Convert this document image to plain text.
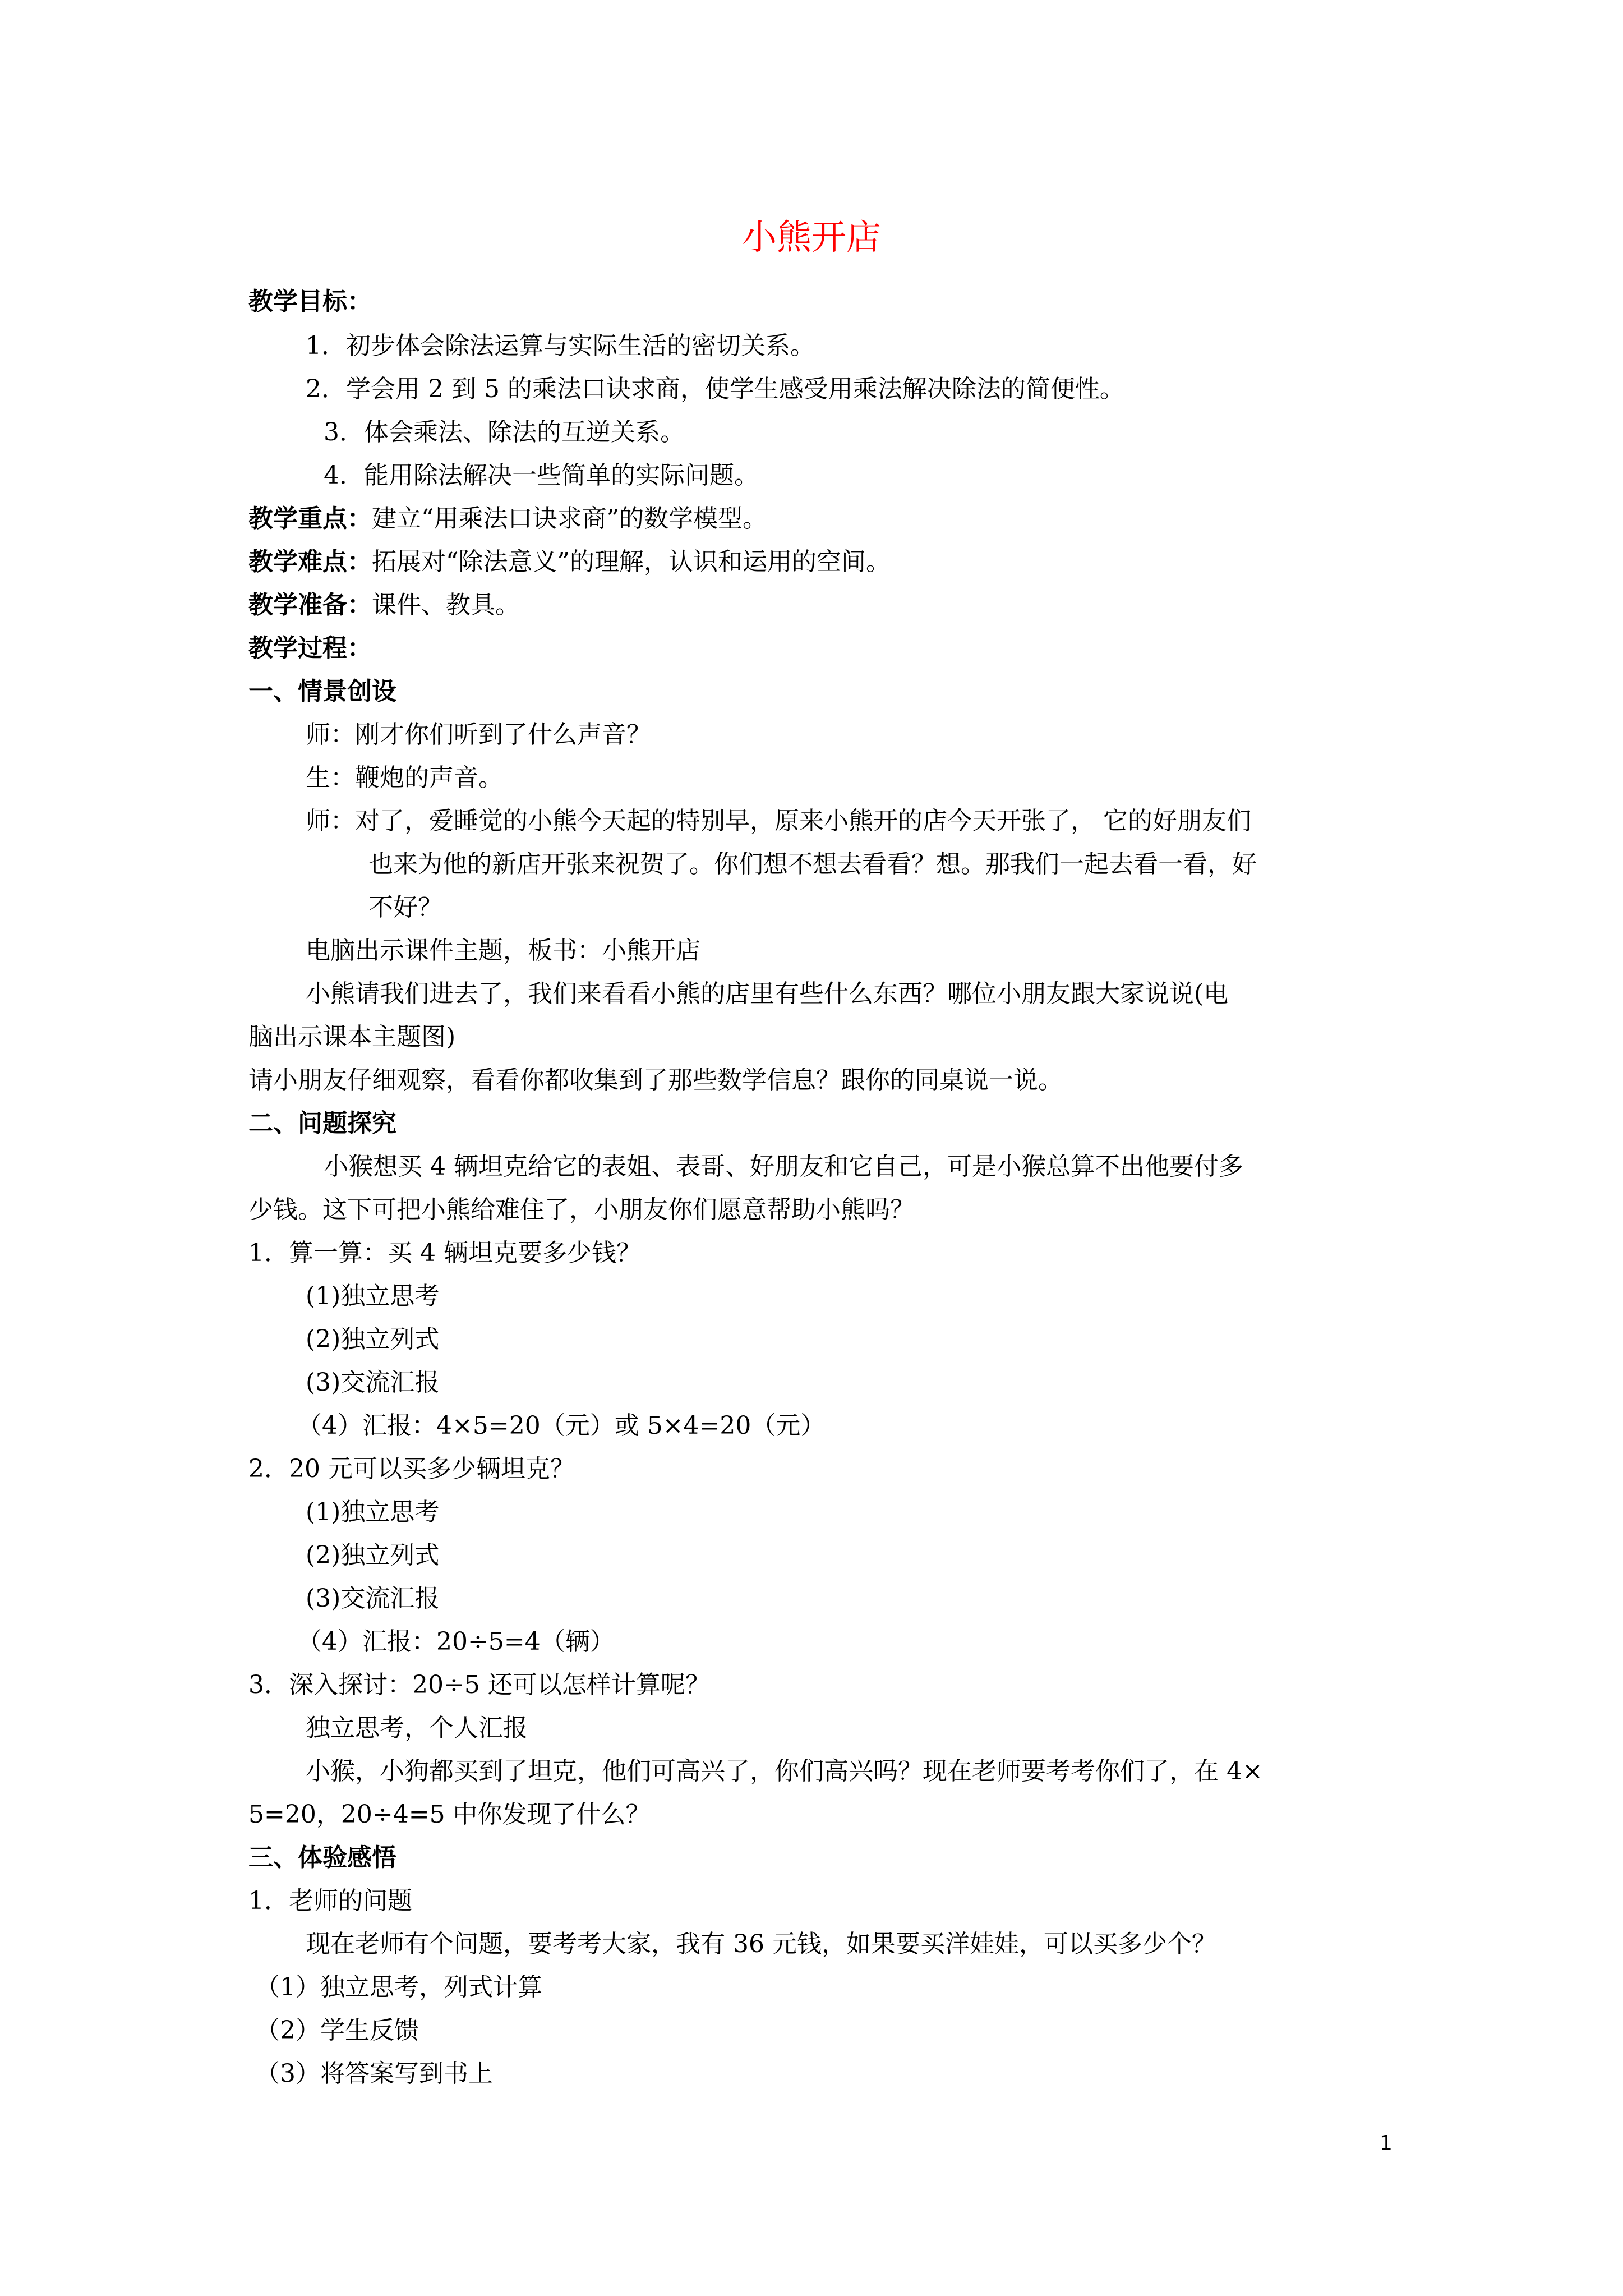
小熊开店
教学目标：
1．初步体会除法运算与实际生活的密切关系。
2．学会用 2 到 5 的乘法口诀求商，使学生感受用乘法解决除法的简便性。
3．体会乘法、除法的互逆关系。
4．能用除法解决一些简单的实际问题。
教学重点：建立“用乘法口诀求商”的数学模型。
教学难点：拓展对“除法意义”的理解，认识和运用的空间。
教学准备：课件、教具。
教学过程：
一、情景创设
师：刚才你们听到了什么声音？
生：鞭炮的声音。
师：对了，爱睡觉的小熊今天起的特别早，原来小熊开的店今天开张了， 它的好朋友们
也来为他的新店开张来祝贺了。你们想不想去看看？想。那我们一起去看一看，好
不好？
电脑出示课件主题，板书：小熊开店
小熊请我们进去了，我们来看看小熊的店里有些什么东西？哪位小朋友跟大家说说(电
脑出示课本主题图)
请小朋友仔细观察，看看你都收集到了那些数学信息？跟你的同桌说一说。
二、问题探究
小猴想买 4 辆坦克给它的表姐、表哥、好朋友和它自己，可是小猴总算不出他要付多
少钱。这下可把小熊给难住了，小朋友你们愿意帮助小熊吗？
1．算一算：买 4 辆坦克要多少钱？
(1)独立思考
(2)独立列式
(3)交流汇报
（4）汇报：4×5=20（元）或 5×4=20（元）
2．20 元可以买多少辆坦克？
(1)独立思考
(2)独立列式
(3)交流汇报
（4）汇报：20÷5=4（辆）
3．深入探讨：20÷5 还可以怎样计算呢？
独立思考，个人汇报
小猴，小狗都买到了坦克，他们可高兴了，你们高兴吗？现在老师要考考你们了，在 4×
5=20，20÷4=5 中你发现了什么？
三、体验感悟
1．老师的问题
现在老师有个问题，要考考大家，我有 36 元钱，如果要买洋娃娃，可以买多少个？
（1）独立思考，列式计算
（2）学生反馈
（3）将答案写到书上
1
